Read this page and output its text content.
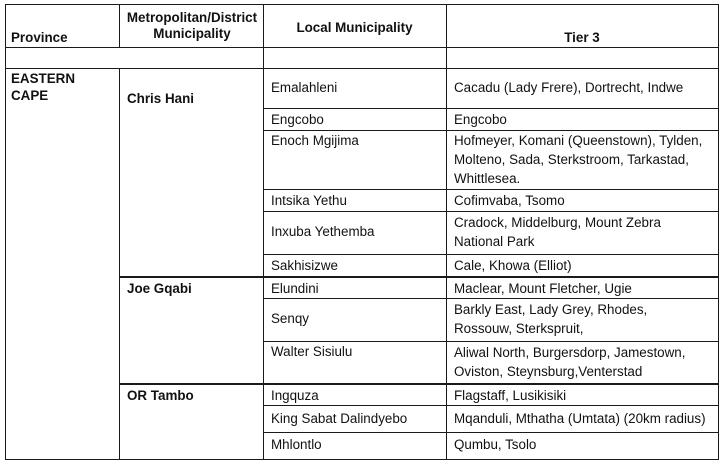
Province
Metropolitan/District Municipality	Local Municipality
Tier 3
EASTERN CAPE	Chris Hani
Joe Gqabi
OR Tambo
Emalahleni
Engcobo
Enoch Mgijima
Intsika Yethu
Inxuba Yethemba
Sakhisizwe
Elundini
Senqy
Walter Sisiulu
Ingquza
King Sabat Dalindyebo
Mhlontlo
Cacadu (Lady Frere), Dortrecht, Indwe
Engcobo
Hofmeyer, Komani (Queenstown), Tylden,
Molteno, Sada, Sterkstroom, Tarkastad,
Whittlesea.
Cofimvaba, Tsomo
Cradock, Middelburg, Mount Zebra
National Park
Cale, Khowa (Elliot)
Maclear, Mount Fletcher, Ugie
Barkly East, Lady Grey, Rhodes,
Rossouw, Sterkspruit,
Aliwal North, Burgersdorp, Jamestown,
Oviston, Steynsburg,Venterstad
Flagstaff, Lusikisiki
Mqanduli, Mthatha (Umtata) (20km radius)
Qumbu, Tsolo
